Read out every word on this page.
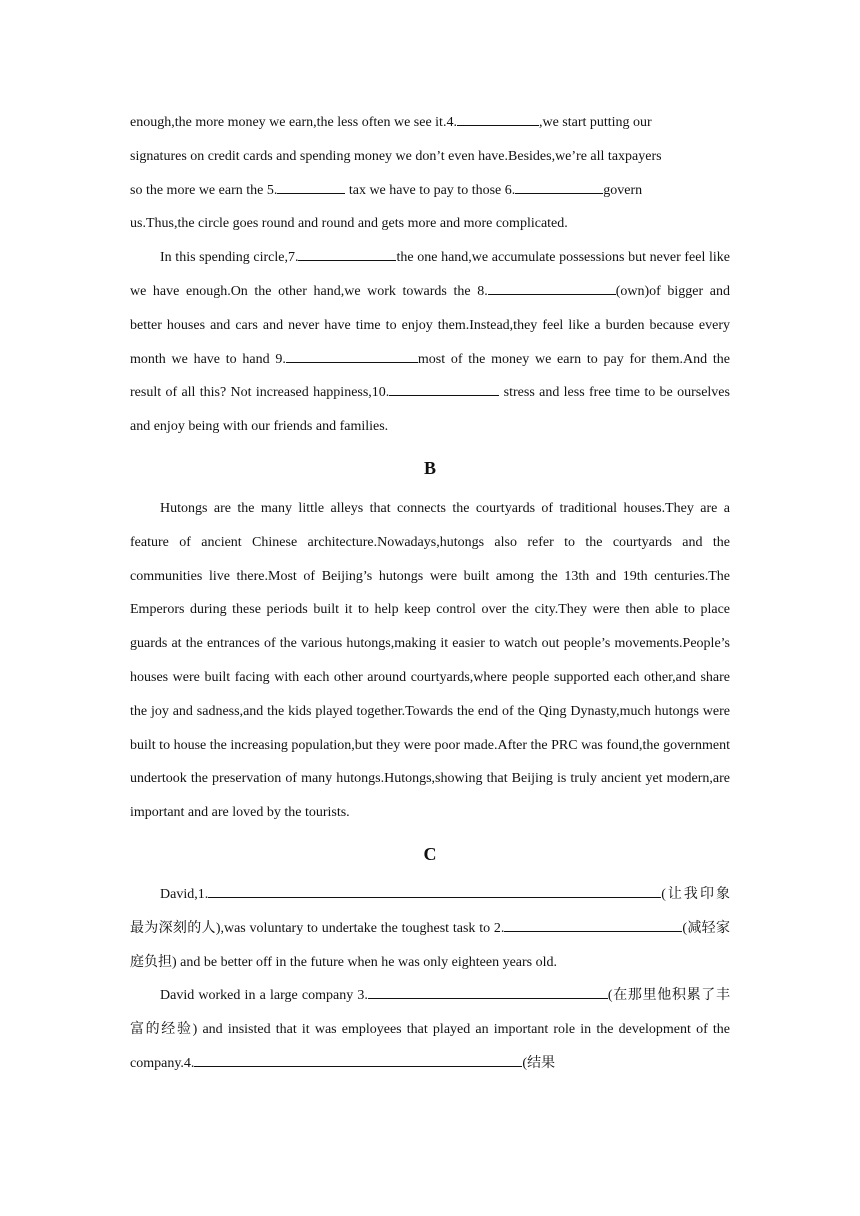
enough,the more money we earn,the less often we see it.4.	,we start putting our
signatures on credit cards and spending money we don’t even have.Besides,we’re all taxpayers
so the more we earn the 5.	tax we have to pay to those 6.	govern
us.Thus,the circle goes round and round and gets more and more complicated.

In this spending circle,7.	the one hand,we accumulate possessions but never feel like we have enough.On the other hand,we work towards the 8.	(own)of bigger and better houses and cars and never have time to enjoy them.Instead,they feel like a burden because every month we have to hand 9.	most of the money we earn to pay for them.And the result of all this? Not increased happiness,10.	stress and less free time to be ourselves and enjoy being with our friends and families.

B

Hutongs are the many little alleys that connects the courtyards of traditional houses.They are a feature of ancient Chinese architecture.Nowadays,hutongs also refer to the courtyards and the communities live there.Most of Beijing’s hutongs were built among the 13th and 19th centuries.The Emperors during these periods built it to help keep control over the city.They were then able to place guards at the entrances of the various hutongs,making it easier to watch out people’s movements.People’s houses were built facing with each other around courtyards,where people supported each other,and share the joy and sadness,and the kids played together.Towards the end of the Qing Dynasty,much hutongs were built to house the increasing population,but they were poor made.After the PRC was found,the government undertook the preservation of many hutongs.Hutongs,showing that Beijing is truly ancient yet modern,are important and are loved by the tourists.

C

David,1.	(让我印象最为深刻的人),was voluntary to undertake the toughest task to 2.	(减轻家庭负担) and be better off in the future when he was only eighteen years old.

David worked in a large company 3.	(在那里他积累了丰富的经验) and insisted that it was employees that played an important role in the development of the company.4.	(结果
